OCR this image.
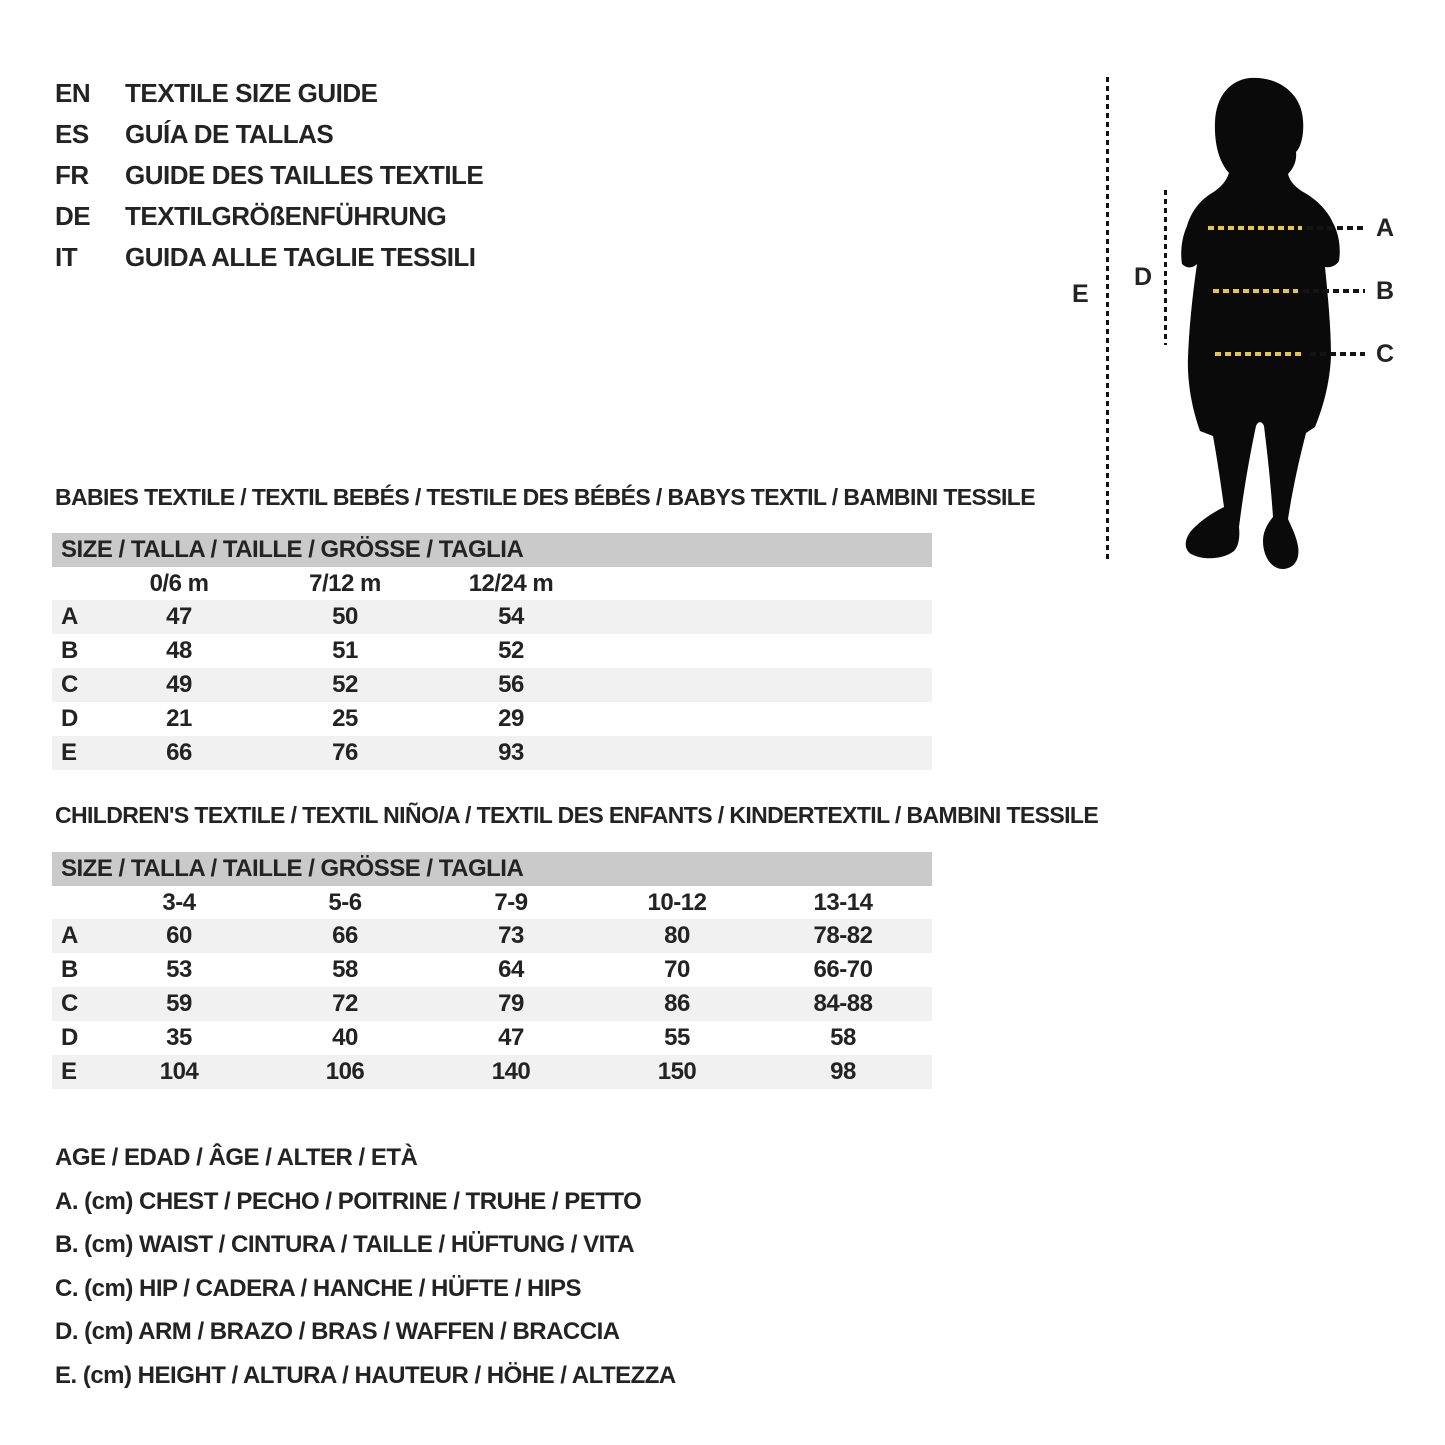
EN	TEXTILE SIZE GUIDE
ES	GUÍA DE TALLAS
FR	GUIDE DES TAILLES TEXTILE
DE	TEXTILGRÖßENFÜHRUNG
IT	GUIDA ALLE TAGLIE TESSILI
E
D
A
B
C
BABIES TEXTILE / TEXTIL BEBÉS / TESTILE DES BÉBÉS / BABYS TEXTIL / BAMBINI TESSILE
SIZE / TALLA / TAILLE / GRÖSSE / TAGLIA
	0/6 m	7/12 m	12/24 m	
A	47	50	54	
B	48	51	52	
C	49	52	56	
D	21	25	29	
E	66	76	93	
CHILDREN'S TEXTILE / TEXTIL NIÑO/A / TEXTIL DES ENFANTS / KINDERTEXTIL / BAMBINI TESSILE
SIZE / TALLA / TAILLE / GRÖSSE / TAGLIA
	3-4	5-6	7-9	10-12	13-14	
A	60	66	73	80	78-82	
B	53	58	64	70	66-70	
C	59	72	79	86	84-88	
D	35	40	47	55	58	
E	104	106	140	150	98	
AGE / EDAD / ÂGE / ALTER / ETÀ
A. (cm) CHEST / PECHO / POITRINE / TRUHE / PETTO
B. (cm) WAIST / CINTURA / TAILLE / HÜFTUNG / VITA
C. (cm) HIP / CADERA / HANCHE / HÜFTE / HIPS
D. (cm) ARM / BRAZO / BRAS / WAFFEN / BRACCIA
E. (cm) HEIGHT / ALTURA / HAUTEUR / HÖHE / ALTEZZA
